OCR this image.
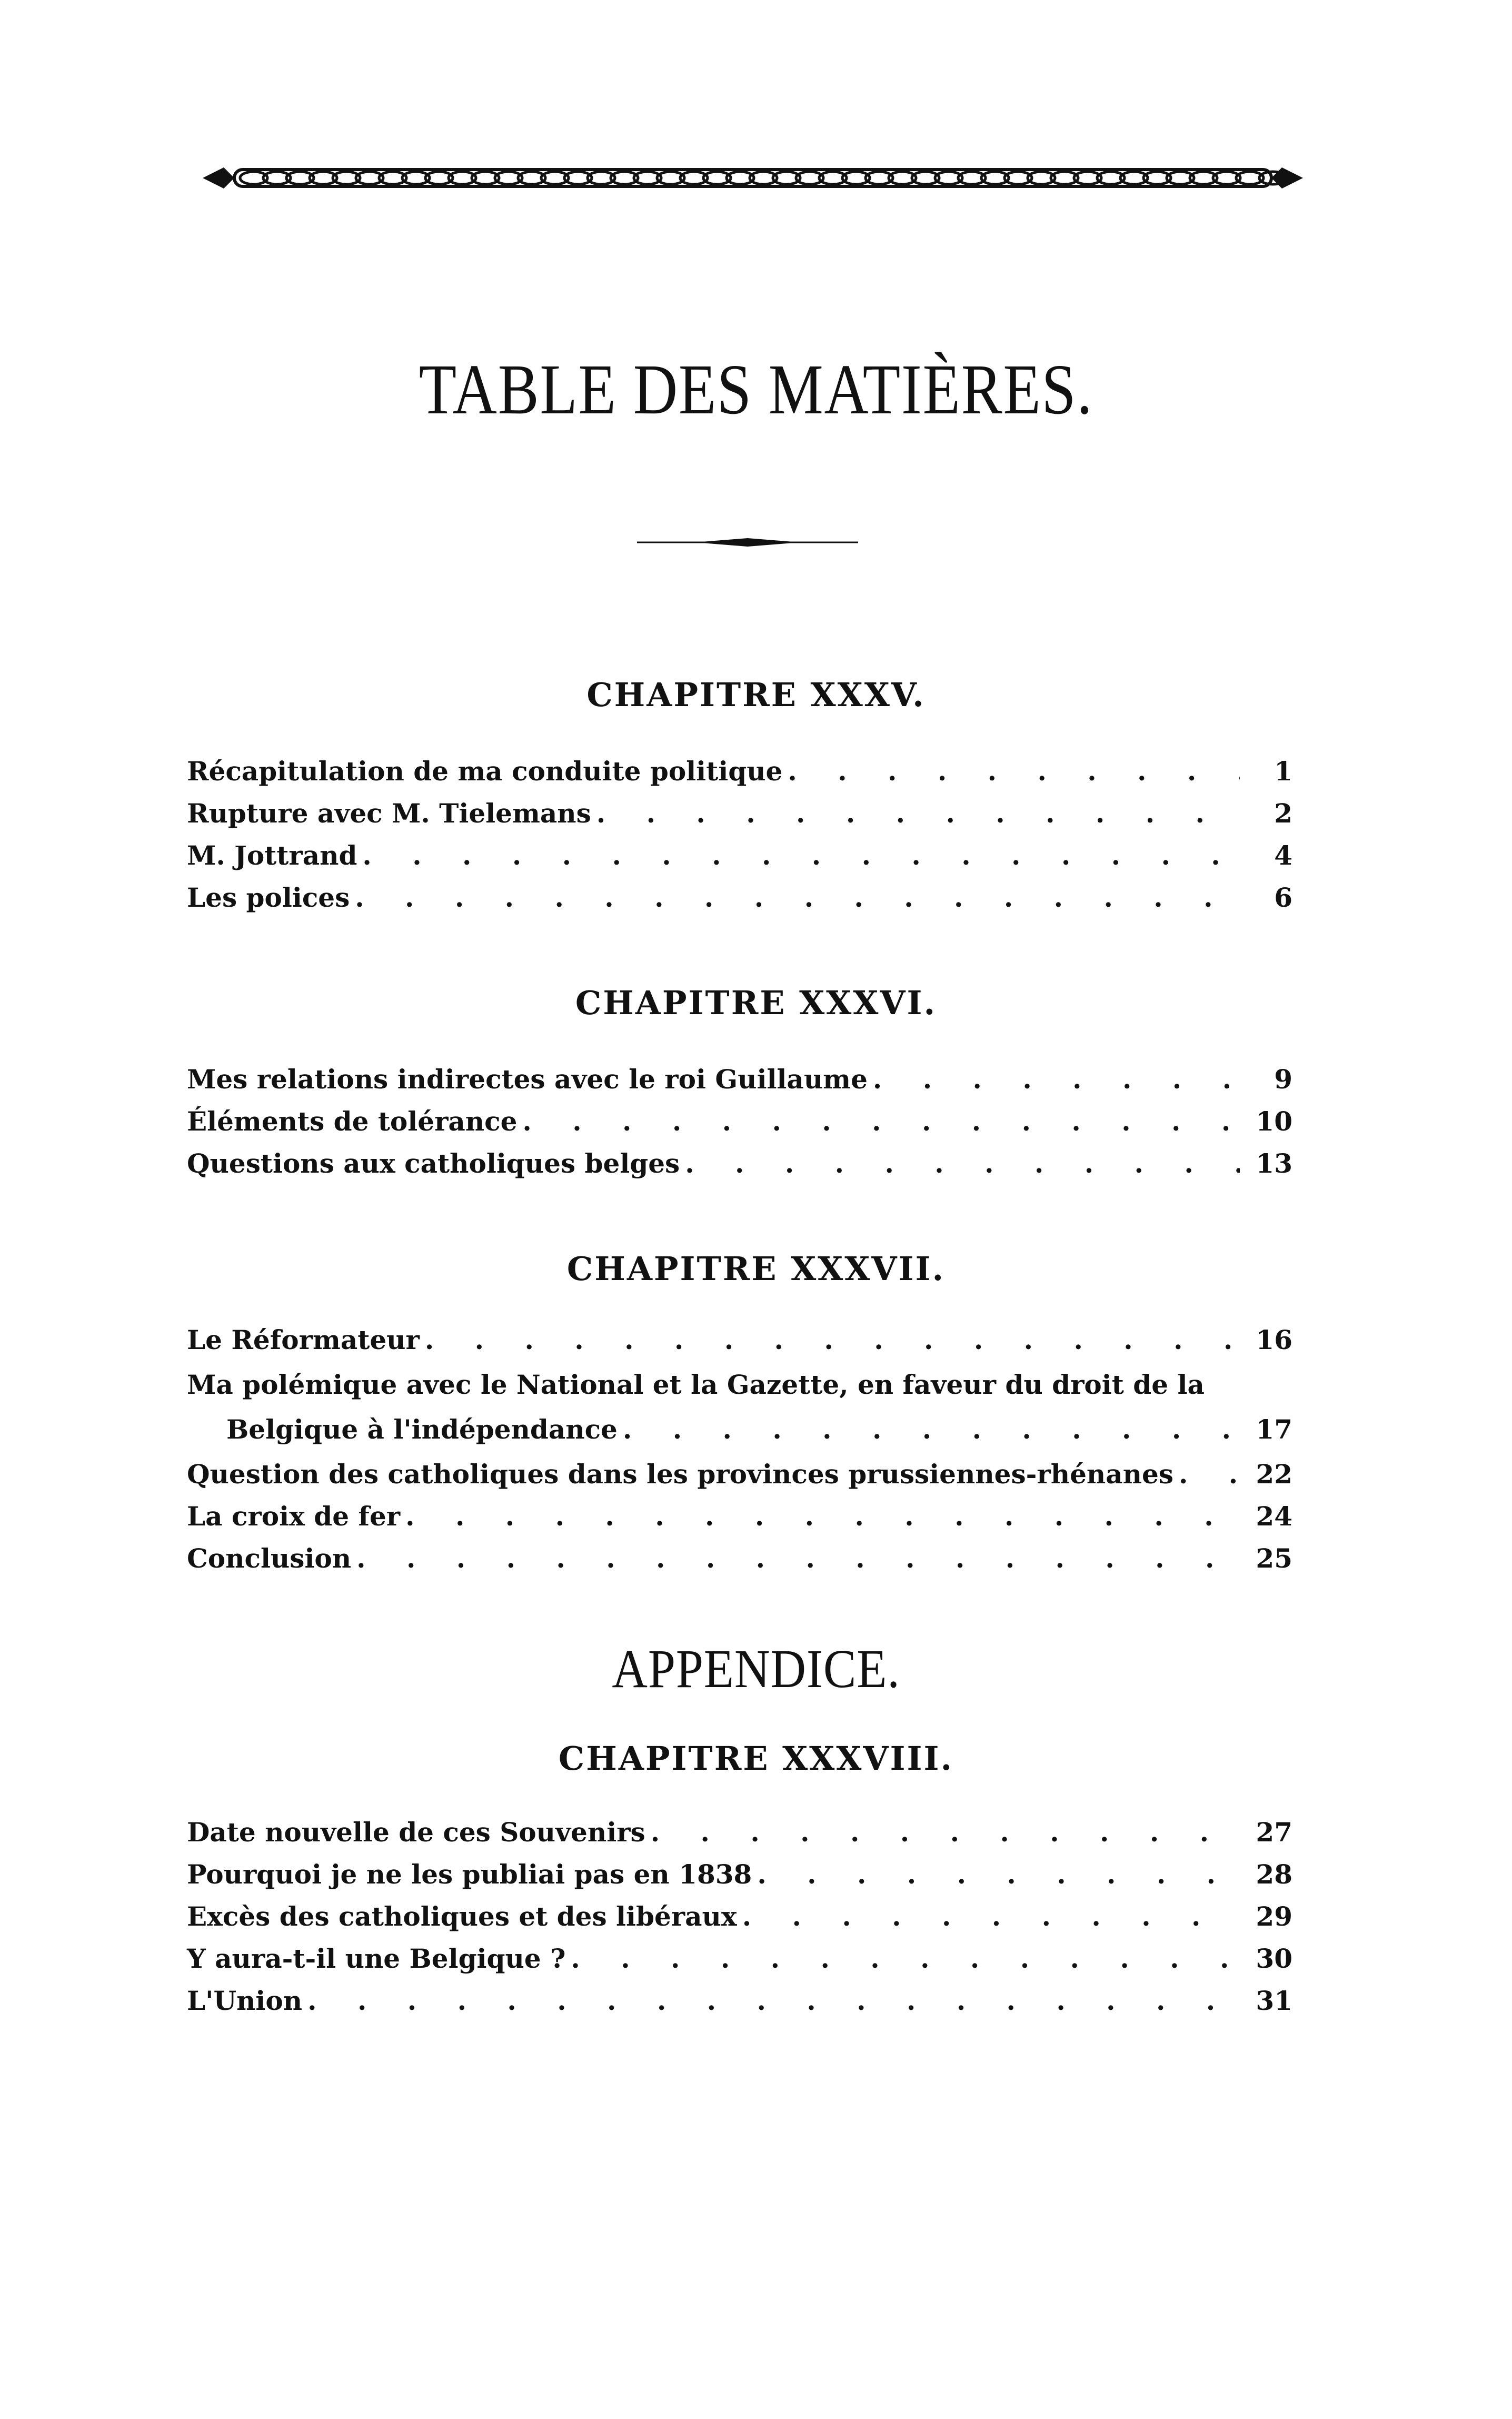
TABLE DES MATIÈRES.
CHAPITRE XXXV.
Récapitulation de ma conduite politique . . .	1
Rupture avec M. Tielemans . . .	2
M. Jottrand . . .	4
Les polices . . .	6
CHAPITRE XXXVI.
Mes relations indirectes avec le roi Guillaume . . .	9
Éléments de tolérance . . .	10
Questions aux catholiques belges . . .	13
CHAPITRE XXXVII.
Le Réformateur . . .	16
Ma polémique avec le National et la Gazette, en faveur du droit de la
Belgique à l'indépendance . . .	17
Question des catholiques dans les provinces prussiennes-rhénanes . . .	22
La croix de fer . . .	24
Conclusion . . .	25
APPENDICE.
CHAPITRE XXXVIII.
Date nouvelle de ces Souvenirs . . .	27
Pourquoi je ne les publiai pas en 1838 . . .	28
Excès des catholiques et des libéraux . . .	29
Y aura-t-il une Belgique ? . . .	30
L'Union . . .	31
